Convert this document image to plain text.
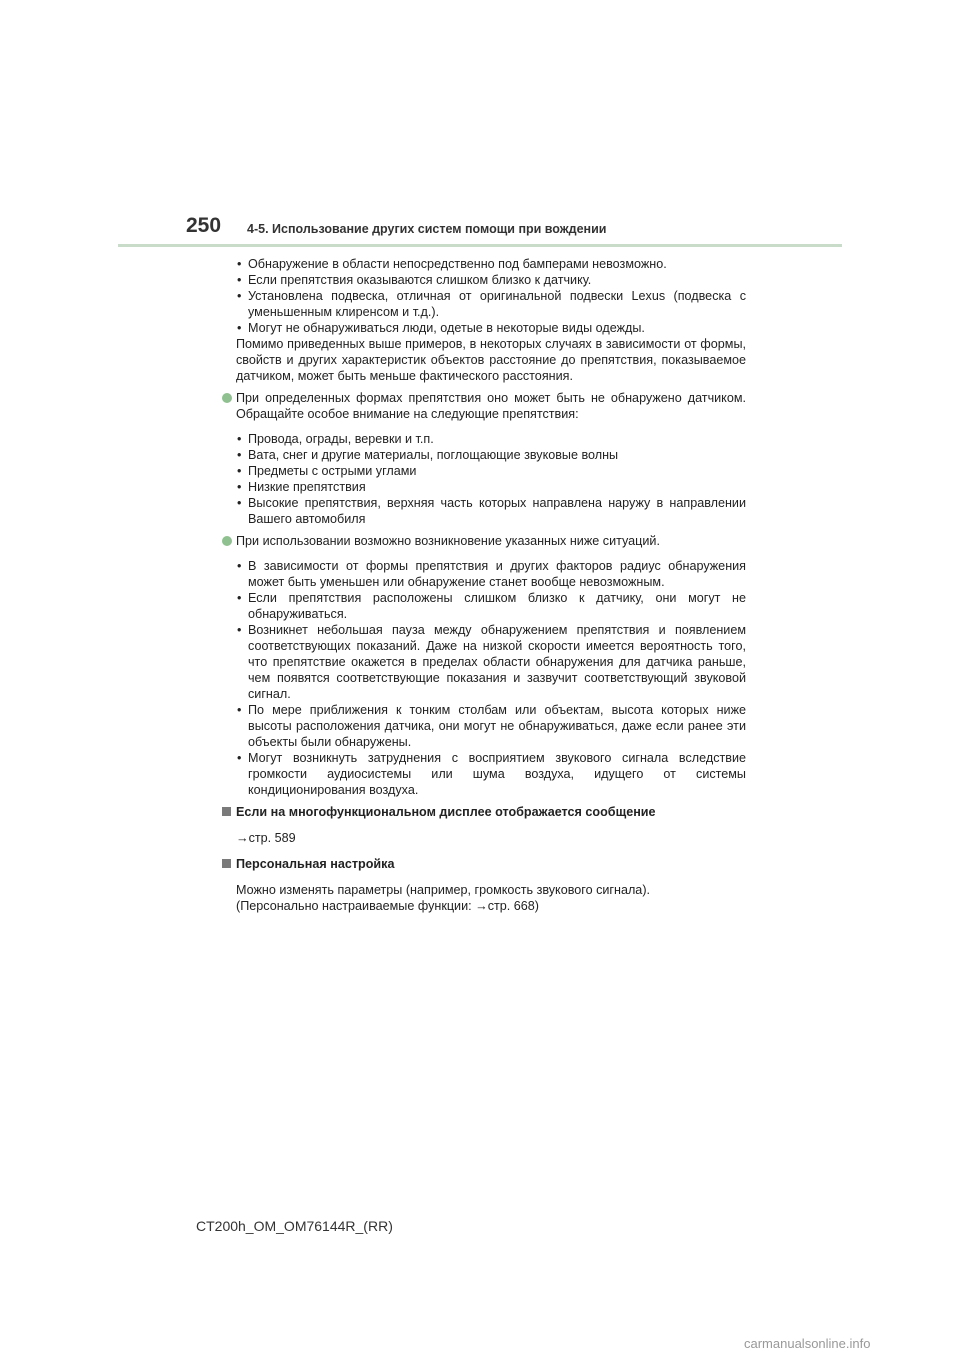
250 4-5. Использование других систем помощи при вождении
• Обнаружение в области непосредственно под бамперами невозможно.
• Если препятствия оказываются слишком близко к датчику.
• Установлена подвеска, отличная от оригинальной подвески Lexus (подвеска с уменьшенным клиренсом и т.д.).
• Могут не обнаруживаться люди, одетые в некоторые виды одежды.
Помимо приведенных выше примеров, в некоторых случаях в зависимости от формы, свойств и других характеристик объектов расстояние до препятствия, показываемое датчиком, может быть меньше фактического расстояния.
При определенных формах препятствия оно может быть не обнаружено датчиком. Обращайте особое внимание на следующие препятствия:
• Провода, ограды, веревки и т.п.
• Вата, снег и другие материалы, поглощающие звуковые волны
• Предметы с острыми углами
• Низкие препятствия
• Высокие препятствия, верхняя часть которых направлена наружу в направлении Вашего автомобиля
При использовании возможно возникновение указанных ниже ситуаций.
• В зависимости от формы препятствия и других факторов радиус обнаружения может быть уменьшен или обнаружение станет вообще невозможным.
• Если препятствия расположены слишком близко к датчику, они могут не обнаруживаться.
• Возникнет небольшая пауза между обнаружением препятствия и появлением соответствующих показаний. Даже на низкой скорости имеется вероятность того, что препятствие окажется в пределах области обнаружения для датчика раньше, чем появятся соответствующие показания и зазвучит соответствующий звуковой сигнал.
• По мере приближения к тонким столбам или объектам, высота которых ниже высоты расположения датчика, они могут не обнаруживаться, даже если ранее эти объекты были обнаружены.
• Могут возникнуть затруднения с восприятием звукового сигнала вследствие громкости аудиосистемы или шума воздуха, идущего от системы кондиционирования воздуха.
Если на многофункциональном дисплее отображается сообщение
→стр. 589
Персональная настройка
Можно изменять параметры (например, громкость звукового сигнала).
(Персонально настраиваемые функции: →стр. 668)
CT200h_OM_OM76144R_(RR)
carmanualsonline.info
